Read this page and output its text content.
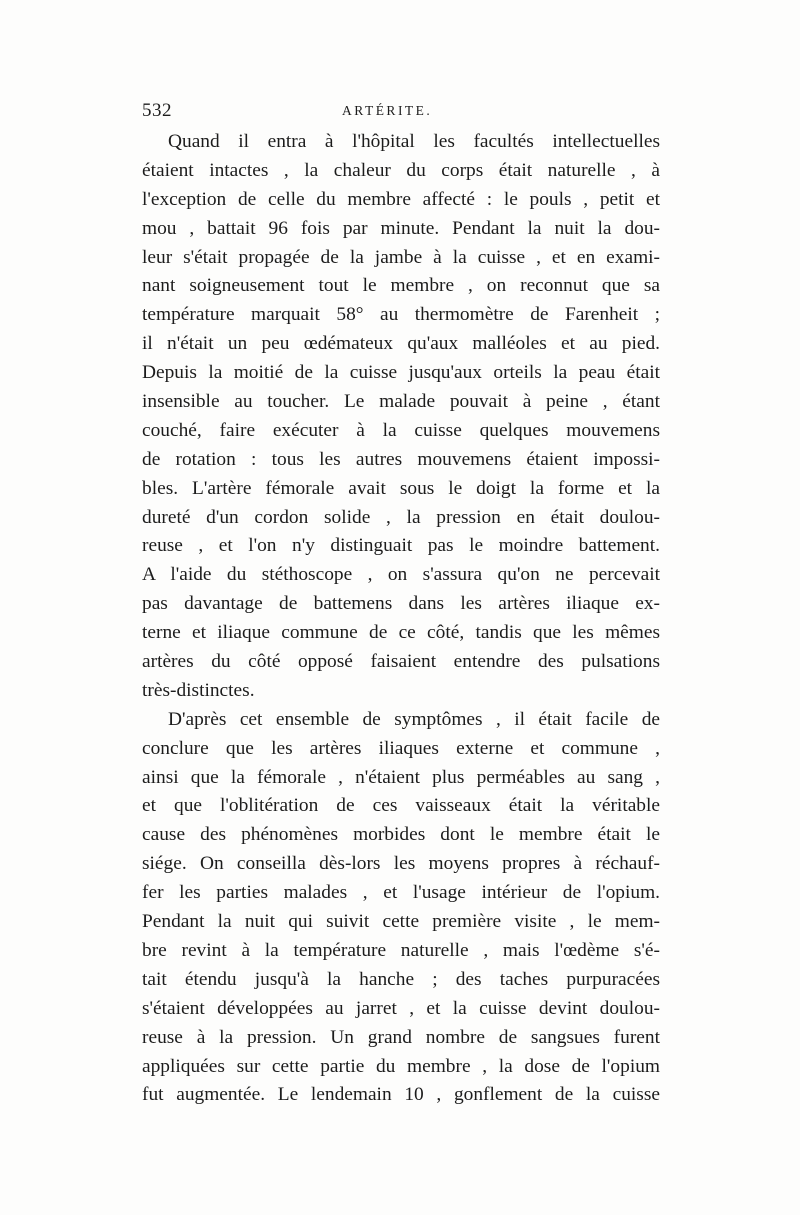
532	ARTÉRITE.
Quand il entra à l'hôpital les facultés intellectuelles
étaient intactes , la chaleur du corps était naturelle , à
l'exception de celle du membre affecté : le pouls , petit et
mou , battait 96 fois par minute. Pendant la nuit la dou-
leur s'était propagée de la jambe à la cuisse , et en exami-
nant soigneusement tout le membre , on reconnut que sa
température marquait 58° au thermomètre de Farenheit ;
il n'était un peu œdémateux qu'aux malléoles et au pied.
Depuis la moitié de la cuisse jusqu'aux orteils la peau était
insensible au toucher. Le malade pouvait à peine , étant
couché, faire exécuter à la cuisse quelques mouvemens
de rotation : tous les autres mouvemens étaient impossi-
bles. L'artère fémorale avait sous le doigt la forme et la
dureté d'un cordon solide , la pression en était doulou-
reuse , et l'on n'y distinguait pas le moindre battement.
A l'aide du stéthoscope , on s'assura qu'on ne percevait
pas davantage de battemens dans les artères iliaque ex-
terne et iliaque commune de ce côté, tandis que les mêmes
artères du côté opposé faisaient entendre des pulsations
très-distinctes.
D'après cet ensemble de symptômes , il était facile de
conclure que les artères iliaques externe et commune ,
ainsi que la fémorale , n'étaient plus perméables au sang ,
et que l'oblitération de ces vaisseaux était la véritable
cause des phénomènes morbides dont le membre était le
siége. On conseilla dès-lors les moyens propres à réchauf-
fer les parties malades , et l'usage intérieur de l'opium.
Pendant la nuit qui suivit cette première visite , le mem-
bre revint à la température naturelle , mais l'œdème s'é-
tait étendu jusqu'à la hanche ; des taches purpuracées
s'étaient développées au jarret , et la cuisse devint doulou-
reuse à la pression. Un grand nombre de sangsues furent
appliquées sur cette partie du membre , la dose de l'opium
fut augmentée. Le lendemain 10 , gonflement de la cuisse
